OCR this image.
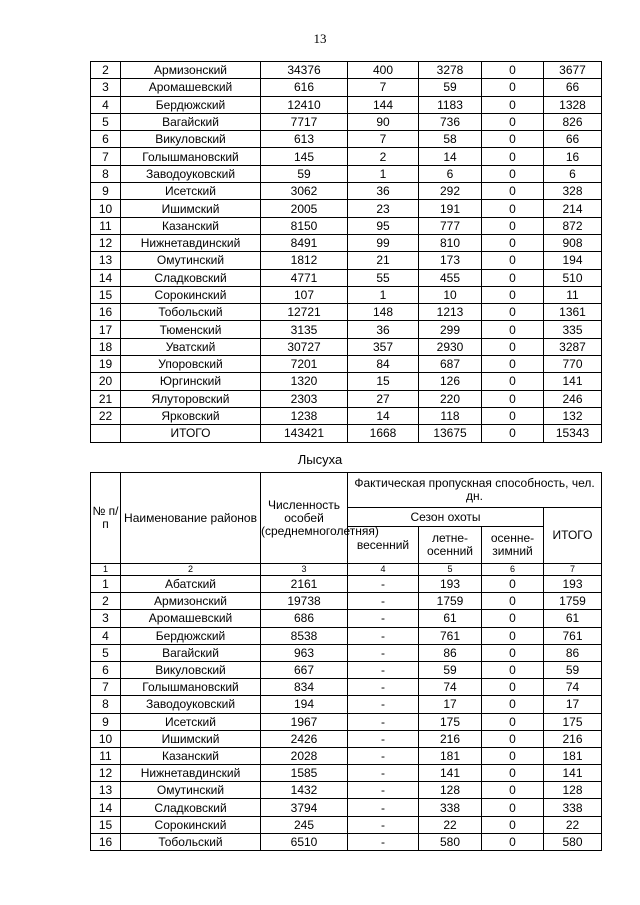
13
2	Армизонский	34376	400	3278	0	3677
3	Аромашевский	616	7	59	0	66
4	Бердюжский	12410	144	1183	0	1328
5	Вагайский	7717	90	736	0	826
6	Викуловский	613	7	58	0	66
7	Голышмановский	145	2	14	0	16
8	Заводоуковский	59	1	6	0	6
9	Исетский	3062	36	292	0	328
10	Ишимский	2005	23	191	0	214
11	Казанский	8150	95	777	0	872
12	Нижнетавдинский	8491	99	810	0	908
13	Омутинский	1812	21	173	0	194
14	Сладковский	4771	55	455	0	510
15	Сорокинский	107	1	10	0	11
16	Тобольский	12721	148	1213	0	1361
17	Тюменский	3135	36	299	0	335
18	Уватский	30727	357	2930	0	3287
19	Упоровский	7201	84	687	0	770
20	Юргинский	1320	15	126	0	141
21	Ялуторовский	2303	27	220	0	246
22	Ярковский	1238	14	118	0	132
	ИТОГО	143421	1668	13675	0	15343
Лысуха
№ п/п	Наименование районов	Численность особей (среднемноголетняя)	Фактическая пропускная способность, чел. дн.			
			Сезон охоты			ИТОГО
			весенний	летне-осенний	осенне-зимний	
1	2	3	4	5	6	7
1	Абатский	2161	-	193	0	193
2	Армизонский	19738	-	1759	0	1759
3	Аромашевский	686	-	61	0	61
4	Бердюжский	8538	-	761	0	761
5	Вагайский	963	-	86	0	86
6	Викуловский	667	-	59	0	59
7	Голышмановский	834	-	74	0	74
8	Заводоуковский	194	-	17	0	17
9	Исетский	1967	-	175	0	175
10	Ишимский	2426	-	216	0	216
11	Казанский	2028	-	181	0	181
12	Нижнетавдинский	1585	-	141	0	141
13	Омутинский	1432	-	128	0	128
14	Сладковский	3794	-	338	0	338
15	Сорокинский	245	-	22	0	22
16	Тобольский	6510	-	580	0	580
